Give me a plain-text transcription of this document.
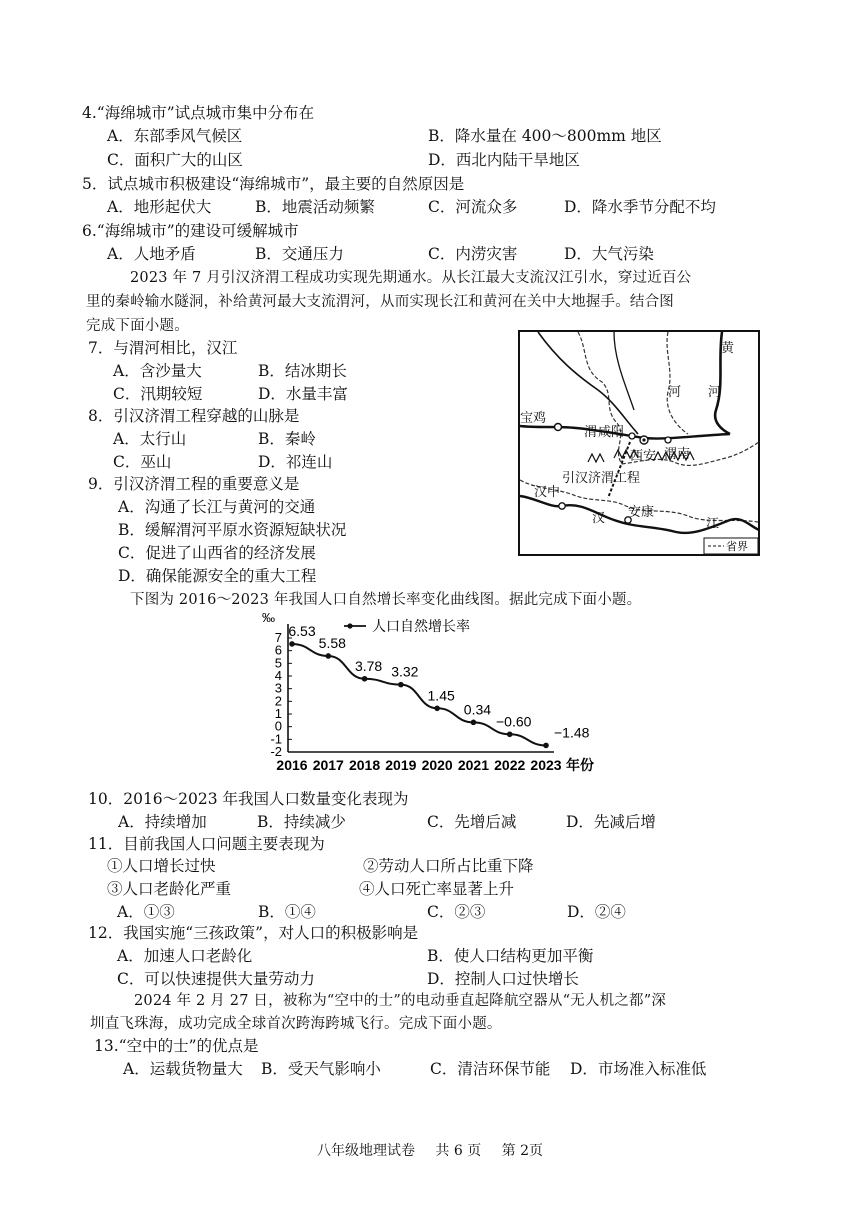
4.“海绵城市”试点城市集中分布在
A．东部季风气候区	B．降水量在 400～800mm 地区
C．面积广大的山区	D．西北内陆干旱地区
5．试点城市积极建设“海绵城市”，最主要的自然原因是
A．地形起伏大	B．地震活动频繁	C．河流众多	D．降水季节分配不均
6.“海绵城市”的建设可缓解城市
A．人地矛盾	B．交通压力	C．内涝灾害	D．大气污染
2023 年 7 月引汉济渭工程成功实现先期通水。从长江最大支流汉江引水，穿过近百公
里的秦岭输水隧洞，补给黄河最大支流渭河，从而实现长江和黄河在关中大地握手。结合图
完成下面小题。
7．与渭河相比，汉江
A．含沙量大	B．结冰期长
C．汛期较短	D．水量丰富
8．引汉济渭工程穿越的山脉是
A．太行山	B．秦岭
C．巫山	D．祁连山
9．引汉济渭工程的重要意义是
A．沟通了长江与黄河的交通
B．缓解渭河平原水资源短缺状况
C．促进了山西省的经济发展
D．确保能源安全的重大工程
黄
河
河
宝鸡
渭 咸阳
渭南
西安
引汉济渭工程
汉中
汉 安康
江
省界
下图为 2016～2023 年我国人口自然增长率变化曲线图。据此完成下面小题。
‰
7
6
5
4
3
2
1
0
-1
-2
2016 2017 2018 2019 2020 2021 2022 2023 年份
人口自然增长率
6.53
5.58
3.78 3.32
1.45
0.34
−0.60
−1.48
10．2016～2023 年我国人口数量变化表现为
A．持续增加	B．持续减少	C．先增后减	D．先减后增
11．目前我国人口问题主要表现为
①人口增长过快	②劳动人口所占比重下降
③人口老龄化严重	④人口死亡率显著上升
A．①③	B．①④	C．②③	D．②④
12．我国实施“三孩政策”，对人口的积极影响是
A．加速人口老龄化	B．使人口结构更加平衡
C．可以快速提供大量劳动力	D．控制人口过快增长
2024 年 2 月 27 日，被称为“空中的士”的电动垂直起降航空器从“无人机之都”深
圳直飞珠海，成功完成全球首次跨海跨城飞行。完成下面小题。
13.“空中的士”的优点是
A．运载货物量大 B．受天气影响小	C．清洁环保节能 D．市场准入标准低
八年级地理试卷 共 6 页 第 2页
